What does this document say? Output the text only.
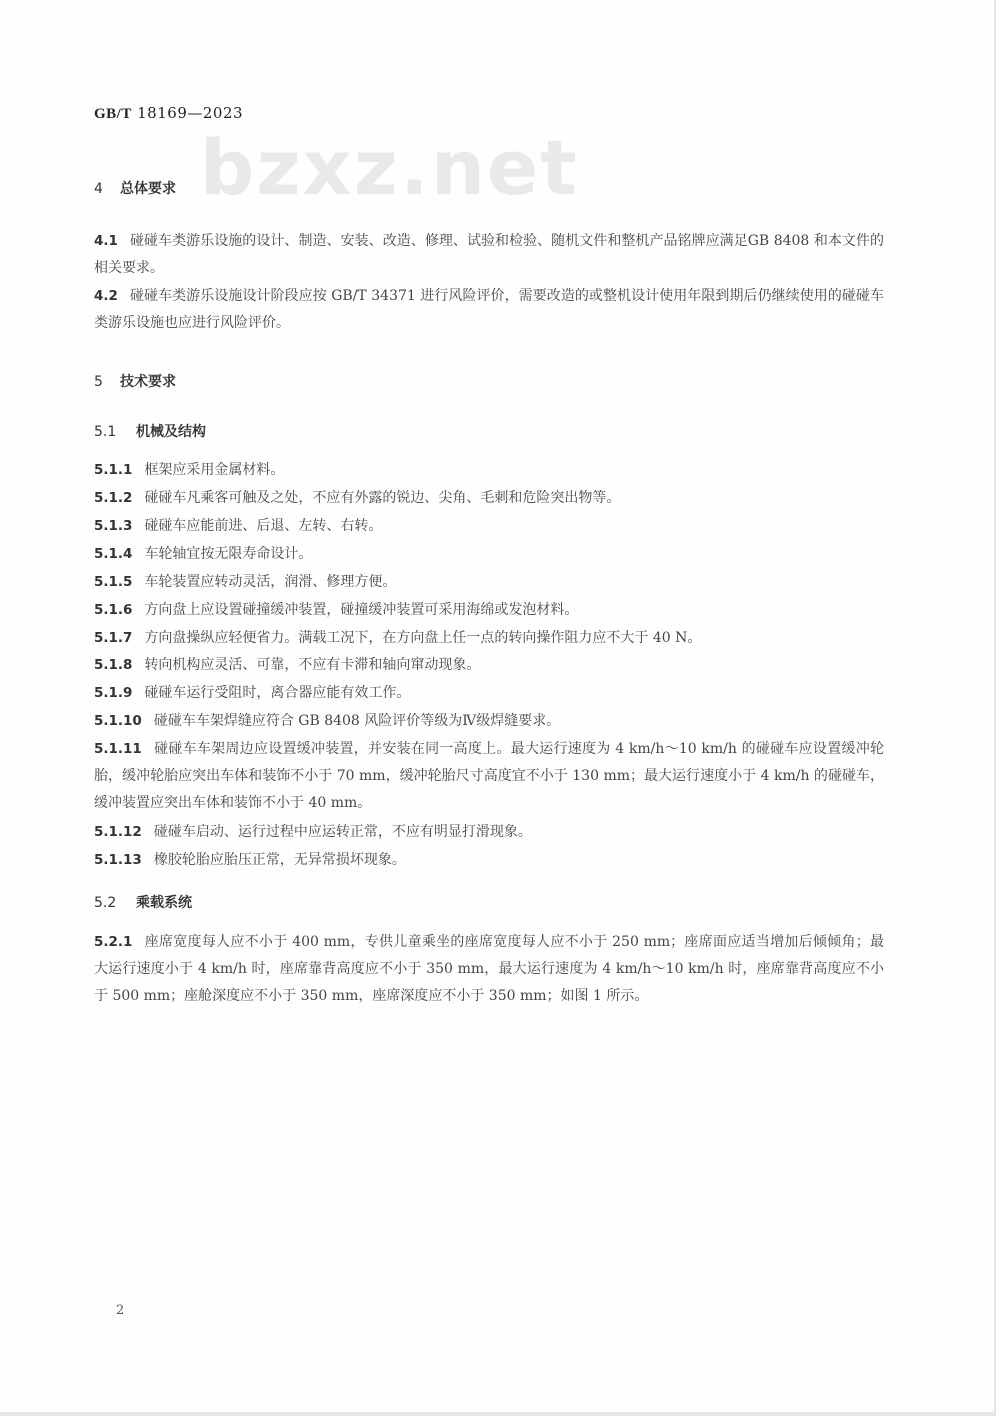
GB/T 18169—2023
bzxz.net
4 总体要求
4.1 碰碰车类游乐设施的设计、制造、安装、改造、修理、试验和检验、随机文件和整机产品铭牌应满足GB 8408 和本文件的相关要求。
4.2 碰碰车类游乐设施设计阶段应按 GB/T 34371 进行风险评价，需要改造的或整机设计使用年限到期后仍继续使用的碰碰车类游乐设施也应进行风险评价。
5 技术要求
5.1 机械及结构
5.1.1 框架应采用金属材料。
5.1.2 碰碰车凡乘客可触及之处，不应有外露的锐边、尖角、毛刺和危险突出物等。
5.1.3 碰碰车应能前进、后退、左转、右转。
5.1.4 车轮轴宜按无限寿命设计。
5.1.5 车轮装置应转动灵活，润滑、修理方便。
5.1.6 方向盘上应设置碰撞缓冲装置，碰撞缓冲装置可采用海绵或发泡材料。
5.1.7 方向盘操纵应轻便省力。满载工况下，在方向盘上任一点的转向操作阻力应不大于 40 N。
5.1.8 转向机构应灵活、可靠，不应有卡滞和轴向窜动现象。
5.1.9 碰碰车运行受阻时，离合器应能有效工作。
5.1.10 碰碰车车架焊缝应符合 GB 8408 风险评价等级为Ⅳ级焊缝要求。
5.1.11 碰碰车车架周边应设置缓冲装置，并安装在同一高度上。最大运行速度为 4 km/h～10 km/h 的碰碰车应设置缓冲轮胎，缓冲轮胎应突出车体和装饰不小于 70 mm，缓冲轮胎尺寸高度宜不小于 130 mm；最大运行速度小于 4 km/h 的碰碰车，缓冲装置应突出车体和装饰不小于 40 mm。
5.1.12 碰碰车启动、运行过程中应运转正常，不应有明显打滑现象。
5.1.13 橡胶轮胎应胎压正常，无异常损坏现象。
5.2 乘载系统
5.2.1 座席宽度每人应不小于 400 mm，专供儿童乘坐的座席宽度每人应不小于 250 mm；座席面应适当增加后倾倾角；最大运行速度小于 4 km/h 时，座席靠背高度应不小于 350 mm，最大运行速度为 4 km/h～10 km/h 时，座席靠背高度应不小于 500 mm；座舱深度应不小于 350 mm，座席深度应不小于 350 mm；如图 1 所示。
2
